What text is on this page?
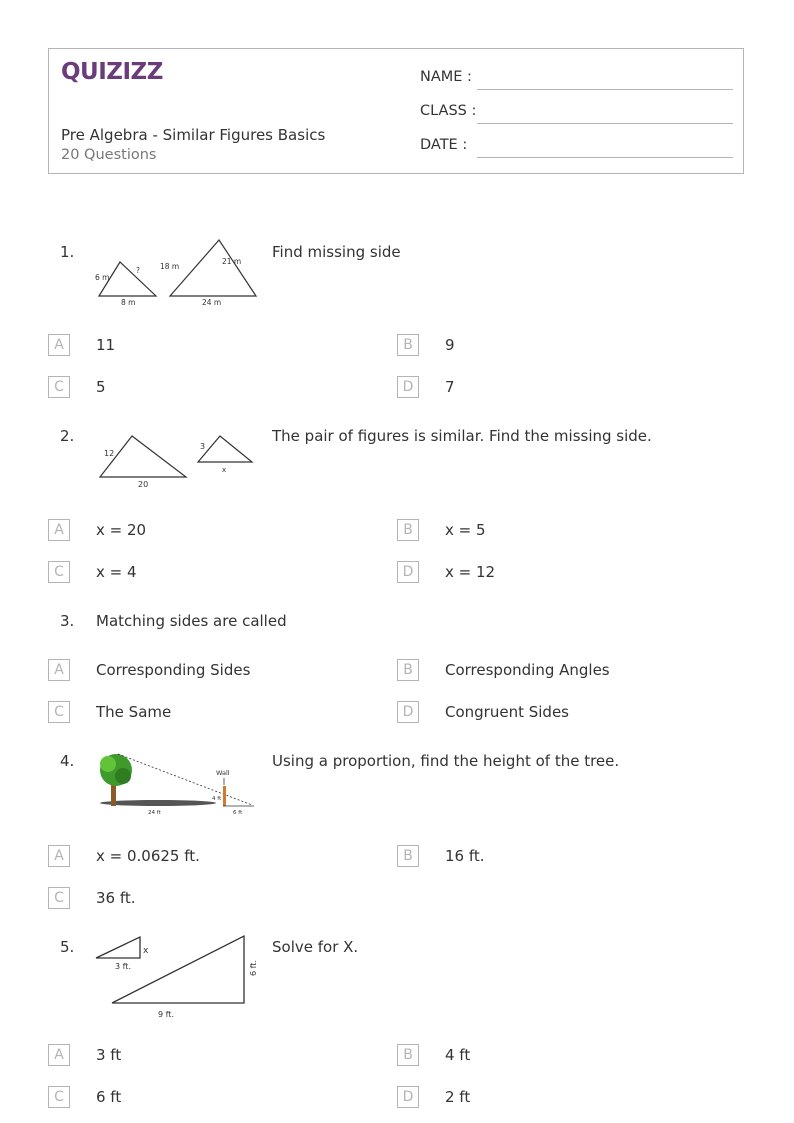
QUIZIZZ
Pre Algebra - Similar Figures Basics
20 Questions
NAME :
CLASS :
DATE :
1.
6 m
?
8 m
18 m
21 m
24 m
Find missing side
A	11	B	9
C	5	D	7
2.
12
20
3
x
The pair of figures is similar. Find the missing side.
A	x = 20	B	x = 5
C	x = 4	D	x = 12
3. Matching sides are called
A	Corresponding Sides	B	Corresponding Angles
C	The Same	D	Congruent Sides
4.
Wall
4 ft
24 ft	6 ft
Using a proportion, find the height of the tree.
A	x = 0.0625 ft.	B	16 ft.
C	36 ft.
5.	x
3 ft.	6 ft.
9 ft.
Solve for X.
A	3 ft	B	4 ft
C	6 ft	D	2 ft
